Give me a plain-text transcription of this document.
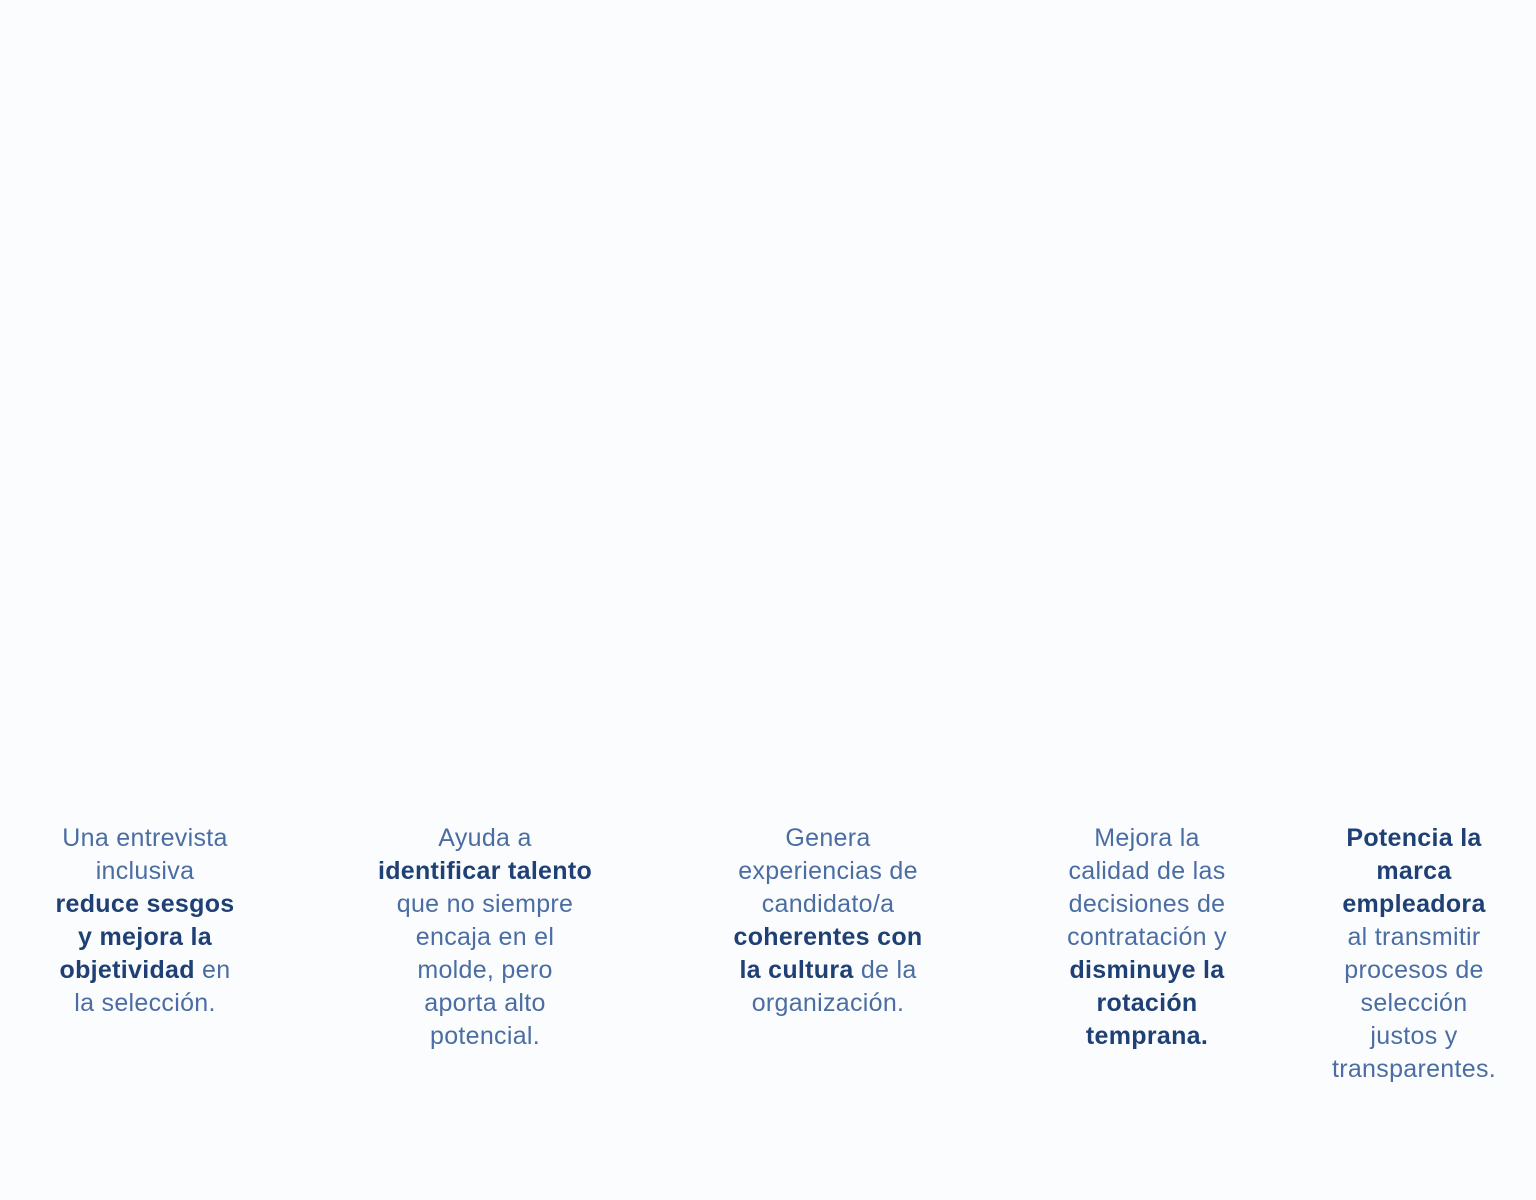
Una entrevista
inclusiva
reduce sesgos
y mejora la
objetividad en
la selección.
Ayuda a
identificar talento
que no siempre
encaja en el
molde, pero
aporta alto
potencial.
Genera
experiencias de
candidato/a
coherentes con
la cultura de la
organización.
Mejora la
calidad de las
decisiones de
contratación y
disminuye la
rotación
temprana.
Potencia la
marca
empleadora
al transmitir
procesos de
selección
justos y
transparentes.
